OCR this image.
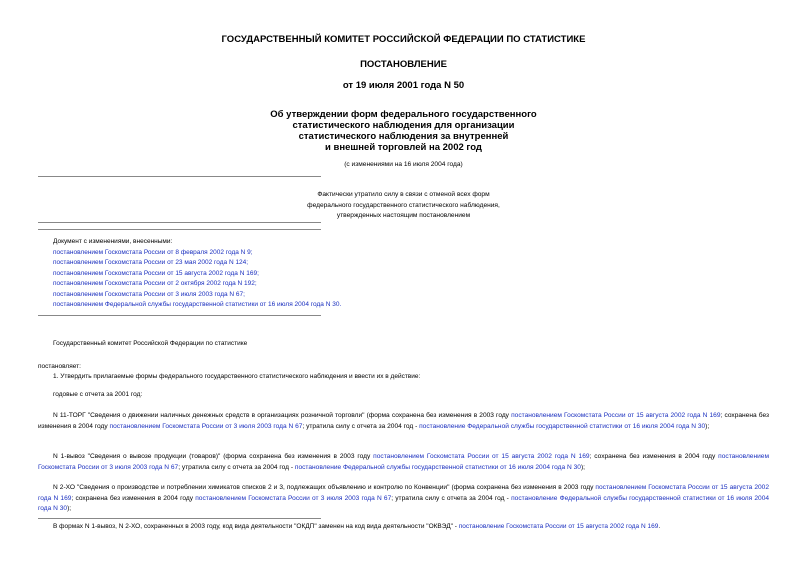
ГОСУДАРСТВЕННЫЙ КОМИТЕТ РОССИЙСКОЙ ФЕДЕРАЦИИ ПО СТАТИСТИКЕ
ПОСТАНОВЛЕНИЕ
от 19 июля 2001 года N 50
Об утверждении форм федерального государственного
статистического наблюдения для организации
статистического наблюдения за внутренней
и внешней торговлей на 2002 год
(с изменениями на 16 июля 2004 года)
Фактически утратило силу в связи с отменой всех форм
федерального государственного статистического наблюдения,
утвержденных настоящим постановлением
Документ с изменениями, внесенными:
постановлением Госкомстата России от 8 февраля 2002 года N 9;
постановлением Госкомстата России от 23 мая 2002 года N 124;
постановлением Госкомстата России от 15 августа 2002 года N 169;
постановлением Госкомстата России от 2 октября 2002 года N 192;
постановлением Госкомстата России от 3 июля 2003 года N 67;
постановлением Федеральной службы государственной статистики от 16 июля 2004 года N 30.
Государственный комитет Российской Федерации по статистике
постановляет:
1. Утвердить прилагаемые формы федерального государственного статистического наблюдения и ввести их в действие:
годовые с отчета за 2001 год:
N 11-ТОРГ "Сведения о движении наличных денежных средств в организациях розничной торговли" (форма сохранена без изменения в 2003 году постановлением Госкомстата России от 15 августа 2002 года N 169; сохранена без изменения в 2004 году постановлением Госкомстата России от 3 июля 2003 года N 67; утратила силу с отчета за 2004 год - постановление Федеральной службы государственной статистики от 16 июля 2004 года N 30);
N 1-вывоз "Сведения о вывозе продукции (товаров)" (форма сохранена без изменения в 2003 году постановлением Госкомстата России от 15 августа 2002 года N 169; сохранена без изменения в 2004 году постановлением Госкомстата России от 3 июля 2003 года N 67; утратила силу с отчета за 2004 год - постановление Федеральной службы государственной статистики от 16 июля 2004 года N 30);
N 2-ХО "Сведения о производстве и потреблении химикатов списков 2 и 3, подлежащих объявлению и контролю по Конвенции" (форма сохранена без изменения в 2003 году постановлением Госкомстата России от 15 августа 2002 года N 169; сохранена без изменения в 2004 году постановлением Госкомстата России от 3 июля 2003 года N 67; утратила силу с отчета за 2004 год - постановление Федеральной службы государственной статистики от 16 июля 2004 года N 30);
В формах N 1-вывоз, N 2-ХО, сохраненных в 2003 году, код вида деятельности "ОКДП" заменен на код вида деятельности "ОКВЭД" - постановление Госкомстата России от 15 августа 2002 года N 169.
